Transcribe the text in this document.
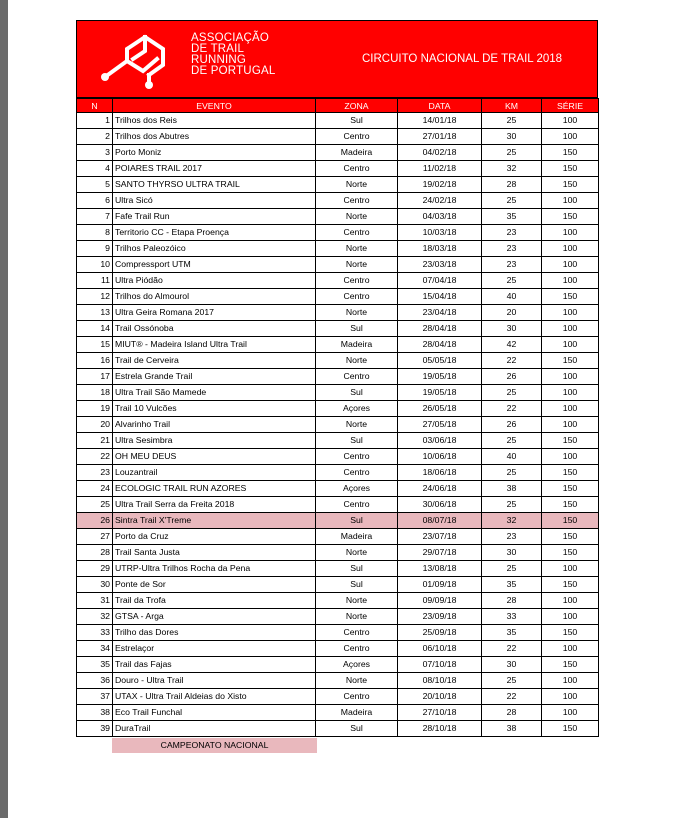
ASSOCIAÇÃO
DE TRAIL
RUNNING
DE PORTUGAL
CIRCUITO NACIONAL DE TRAIL 2018
N	EVENTO	ZONA	DATA	KM	SÉRIE
1	Trilhos dos Reis	Sul	14/01/18	25	100
2	Trilhos dos Abutres	Centro	27/01/18	30	100
3	Porto Moniz	Madeira	04/02/18	25	150
4	POIARES TRAIL 2017	Centro	11/02/18	32	150
5	SANTO THYRSO ULTRA TRAIL	Norte	19/02/18	28	150
6	Ultra Sicó	Centro	24/02/18	25	100
7	Fafe Trail Run	Norte	04/03/18	35	150
8	Territorio CC - Etapa Proença	Centro	10/03/18	23	100
9	Trilhos Paleozóico	Norte	18/03/18	23	100
10	Compressport UTM	Norte	23/03/18	23	100
11	Ultra Piódão	Centro	07/04/18	25	100
12	Trilhos do Almourol	Centro	15/04/18	40	150
13	Ultra Geira Romana 2017	Norte	23/04/18	20	100
14	Trail Ossónoba	Sul	28/04/18	30	100
15	MIUT® - Madeira Island Ultra Trail	Madeira	28/04/18	42	100
16	Trail de Cerveira	Norte	05/05/18	22	150
17	Estrela Grande Trail	Centro	19/05/18	26	100
18	Ultra Trail São Mamede	Sul	19/05/18	25	100
19	Trail 10 Vulcões	Açores	26/05/18	22	100
20	Alvarinho Trail	Norte	27/05/18	26	100
21	Ultra Sesimbra	Sul	03/06/18	25	150
22	OH MEU DEUS	Centro	10/06/18	40	100
23	Louzantrail	Centro	18/06/18	25	150
24	ECOLOGIC TRAIL RUN AZORES	Açores	24/06/18	38	150
25	Ultra Trail Serra da Freita 2018	Centro	30/06/18	25	150
26	Sintra Trail X'Treme	Sul	08/07/18	32	150
27	Porto da Cruz	Madeira	23/07/18	23	150
28	Trail Santa Justa	Norte	29/07/18	30	150
29	UTRP-Ultra Trilhos Rocha da Pena	Sul	13/08/18	25	100
30	Ponte de Sor	Sul	01/09/18	35	150
31	Trail da Trofa	Norte	09/09/18	28	100
32	GTSA - Arga	Norte	23/09/18	33	100
33	Trilho das Dores	Centro	25/09/18	35	150
34	Estrelaçor	Centro	06/10/18	22	100
35	Trail das Fajas	Açores	07/10/18	30	150
36	Douro - Ultra Trail	Norte	08/10/18	25	100
37	UTAX - Ultra Trail Aldeias do Xisto	Centro	20/10/18	22	100
38	Eco Trail Funchal	Madeira	27/10/18	28	100
39	DuraTrail	Sul	28/10/18	38	150
CAMPEONATO NACIONAL
